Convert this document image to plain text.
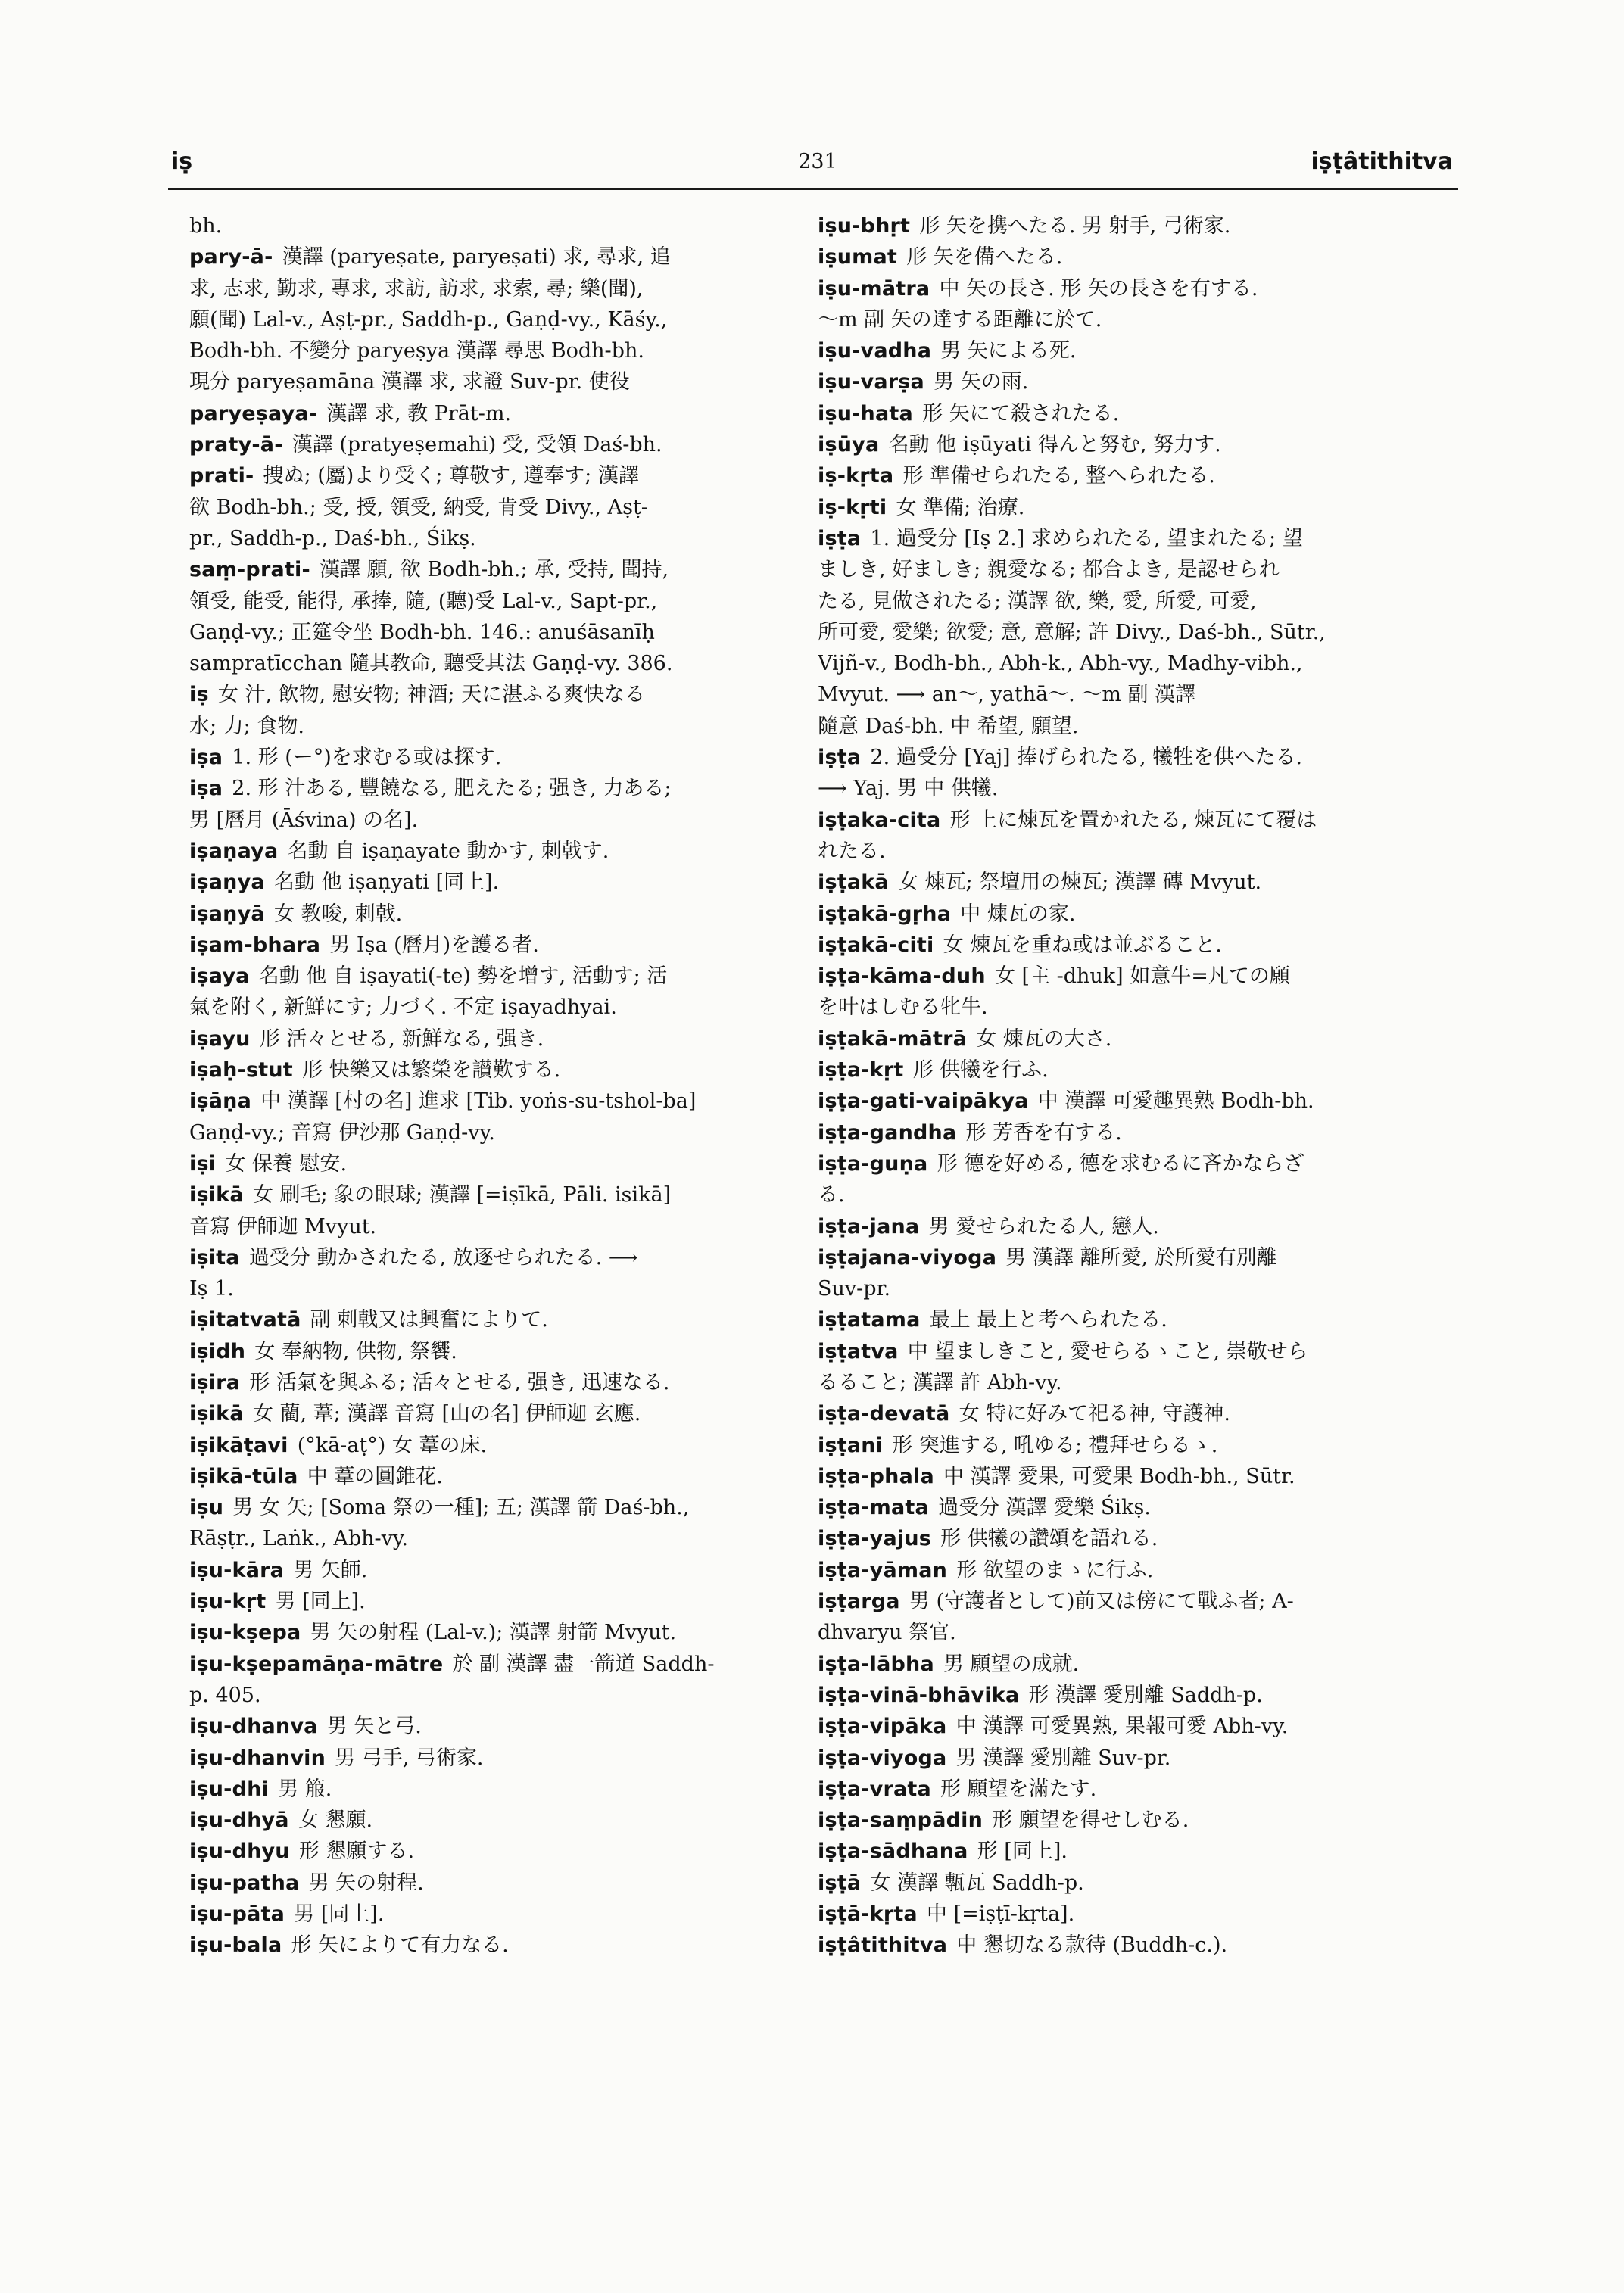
iṣ	231	iṣṭâtithitva
bh.
pary-ā- 漢譯 (paryeṣate, paryeṣati) 求, 尋求, 追
求, 志求, 勤求, 專求, 求訪, 訪求, 求索, 尋; 樂(聞),
願(聞) Lal-v., Aṣṭ-pr., Saddh-p., Gaṇḍ-vy., Kāśy.,
Bodh-bh. 不變分 paryeṣya 漢譯 尋思 Bodh-bh.
現分 paryeṣamāna 漢譯 求, 求證 Suv-pr. 使役
paryeṣaya- 漢譯 求, 教 Prāt-m.
praty-ā- 漢譯 (pratyeṣemahi) 受, 受領 Daś-bh.
prati- 捜ぬ; (屬)より受く; 尊敬す, 遵奉す; 漢譯
欲 Bodh-bh.; 受, 授, 領受, 納受, 肯受 Divy., Aṣṭ-
pr., Saddh-p., Daś-bh., Śikṣ.
saṃ-prati- 漢譯 願, 欲 Bodh-bh.; 承, 受持, 聞持,
領受, 能受, 能得, 承捧, 隨, (聽)受 Lal-v., Sapt-pr.,
Gaṇḍ-vy.; 正筵令坐 Bodh-bh. 146.: anuśāsanīḥ
sampratīcchan 隨其教命, 聽受其法 Gaṇḍ-vy. 386.
iṣ 女 汁, 飲物, 慰安物; 神酒; 天に湛ふる爽快なる
水; 力; 食物.
iṣa 1. 形 (ー°)を求むる或は探す.
iṣa 2. 形 汁ある, 豐饒なる, 肥えたる; 强き, 力ある;
男 [曆月 (Āśvina) の名].
iṣaṇaya 名動 自 iṣaṇayate 動かす, 刺戟す.
iṣaṇya 名動 他 iṣaṇyati [同上].
iṣaṇyā 女 教唆, 刺戟.
iṣam-bhara 男 Iṣa (曆月)を護る者.
iṣaya 名動 他 自 iṣayati(-te) 勢を增す, 活動す; 活
氣を附く, 新鮮にす; 力づく. 不定 iṣayadhyai.
iṣayu 形 活々とせる, 新鮮なる, 强き.
iṣaḥ-stut 形 快樂又は繁榮を讃歎する.
iṣāṇa 中 漢譯 [村の名] 進求 [Tib. yoṅs-su-tshol-ba]
Gaṇḍ-vy.; 音寫 伊沙那 Gaṇḍ-vy.
iṣi 女 保養 慰安.
iṣikā 女 刷毛; 象の眼球; 漢譯 [=iṣīkā, Pāli. isikā]
音寫 伊師迦 Mvyut.
iṣita 過受分 動かされたる, 放逐せられたる. ⟶
Iṣ 1.
iṣitatvatā 副 刺戟又は興奮によりて.
iṣidh 女 奉納物, 供物, 祭饗.
iṣira 形 活氣を與ふる; 活々とせる, 强き, 迅速なる.
iṣikā 女 藺, 葦; 漢譯 音寫 [山の名] 伊師迦 玄應.
iṣikāṭavi (°kā-aṭ°) 女 葦の床.
iṣikā-tūla 中 葦の圓錐花.
iṣu 男 女 矢; [Soma 祭の一種]; 五; 漢譯 箭 Daś-bh.,
Rāṣṭr., Laṅk., Abh-vy.
iṣu-kāra 男 矢師.
iṣu-kṛt 男 [同上].
iṣu-kṣepa 男 矢の射程 (Lal-v.); 漢譯 射箭 Mvyut.
iṣu-kṣepamāṇa-mātre 於 副 漢譯 盡一箭道 Saddh-
p. 405.
iṣu-dhanva 男 矢と弓.
iṣu-dhanvin 男 弓手, 弓術家.
iṣu-dhi 男 箙.
iṣu-dhyā 女 懇願.
iṣu-dhyu 形 懇願する.
iṣu-patha 男 矢の射程.
iṣu-pāta 男 [同上].
iṣu-bala 形 矢によりて有力なる.
iṣu-bhṛt 形 矢を携へたる. 男 射手, 弓術家.
iṣumat 形 矢を備へたる.
iṣu-mātra 中 矢の長さ. 形 矢の長さを有する.
〜m 副 矢の達する距離に於て.
iṣu-vadha 男 矢による死.
iṣu-varṣa 男 矢の雨.
iṣu-hata 形 矢にて殺されたる.
iṣūya 名動 他 iṣūyati 得んと努む, 努力す.
iṣ-kṛta 形 準備せられたる, 整へられたる.
iṣ-kṛti 女 準備; 治療.
iṣṭa 1. 過受分 [Iṣ 2.] 求められたる, 望まれたる; 望
ましき, 好ましき; 親愛なる; 都合よき, 是認せられ
たる, 見做されたる; 漢譯 欲, 樂, 愛, 所愛, 可愛,
所可愛, 愛樂; 欲愛; 意, 意解; 許 Divy., Daś-bh., Sūtr.,
Vijñ-v., Bodh-bh., Abh-k., Abh-vy., Madhy-vibh.,
Mvyut. ⟶ an〜, yathā〜. 〜m 副 漢譯
隨意 Daś-bh. 中 希望, 願望.
iṣṭa 2. 過受分 [Yaj] 捧げられたる, 犧牲を供へたる.
⟶ Yaj. 男 中 供犧.
iṣṭaka-cita 形 上に煉瓦を置かれたる, 煉瓦にて覆は
れたる.
iṣṭakā 女 煉瓦; 祭壇用の煉瓦; 漢譯 磚 Mvyut.
iṣṭakā-gṛha 中 煉瓦の家.
iṣṭakā-citi 女 煉瓦を重ね或は並ぶること.
iṣṭa-kāma-duh 女 [主 -dhuk] 如意牛=凡ての願
を叶はしむる牝牛.
iṣṭakā-mātrā 女 煉瓦の大さ.
iṣṭa-kṛt 形 供犧を行ふ.
iṣṭa-gati-vaipākya 中 漢譯 可愛趣異熟 Bodh-bh.
iṣṭa-gandha 形 芳香を有する.
iṣṭa-guṇa 形 德を好める, 德を求むるに吝かならざ
る.
iṣṭa-jana 男 愛せられたる人, 戀人.
iṣṭajana-viyoga 男 漢譯 離所愛, 於所愛有別離
Suv-pr.
iṣṭatama 最上 最上と考へられたる.
iṣṭatva 中 望ましきこと, 愛せらるゝこと, 崇敬せら
るること; 漢譯 許 Abh-vy.
iṣṭa-devatā 女 特に好みて祀る神, 守護神.
iṣṭani 形 突進する, 吼ゆる; 禮拜せらるゝ.
iṣṭa-phala 中 漢譯 愛果, 可愛果 Bodh-bh., Sūtr.
iṣṭa-mata 過受分 漢譯 愛樂 Śikṣ.
iṣṭa-yajus 形 供犧の讚頌を語れる.
iṣṭa-yāman 形 欲望のまゝに行ふ.
iṣṭarga 男 (守護者として)前又は傍にて戰ふ者; A-
dhvaryu 祭官.
iṣṭa-lābha 男 願望の成就.
iṣṭa-vinā-bhāvika 形 漢譯 愛別離 Saddh-p.
iṣṭa-vipāka 中 漢譯 可愛異熟, 果報可愛 Abh-vy.
iṣṭa-viyoga 男 漢譯 愛別離 Suv-pr.
iṣṭa-vrata 形 願望を滿たす.
iṣṭa-saṃpādin 形 願望を得せしむる.
iṣṭa-sādhana 形 [同上].
iṣṭā 女 漢譯 甎瓦 Saddh-p.
iṣṭā-kṛta 中 [=iṣṭī-kṛta].
iṣṭâtithitva 中 懇切なる款待 (Buddh-c.).
